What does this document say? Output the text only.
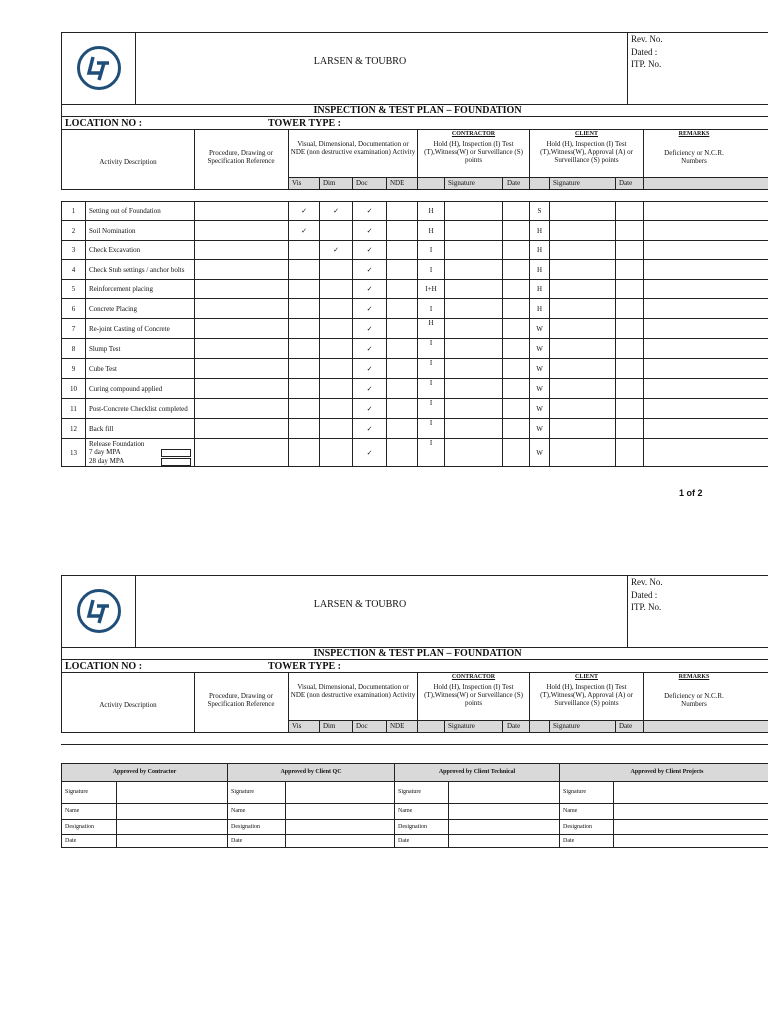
LARSEN & TOUBRO
Rev. No.
Dated :
ITP. No.
INSPECTION & TEST PLAN – FOUNDATION
LOCATION NO :	TOWER TYPE :
Activity Description
Procedure, Drawing or Specification Reference
Visual, Dimensional, Documentation or NDE (non destructive examination) Activity
CONTRACTOR
Hold (H), Inspection (I) Test (T),Witness(W) or Surveillance (S) points
CLIENT
Hold (H), Inspection (I) Test (T),Witness(W), Approval (A) or Surveillance (S) points
REMARKS
Deficiency or N.C.R. Numbers
Vis	Dim	Doc	NDE	Signature	Date	Signature	Date
1	Setting out of Foundation		✓	✓	✓		H			S			
2	Soil Nomination		✓		✓		H			H			
3	Check Excavation			✓	✓		I			H			
4	Check Stub settings / anchor bolts				✓		I			H			
5	Reinforcement placing				✓		I+H			H			
6	Concrete Placing				✓		I			H			
7	Re-joint Casting of Concrete				✓		H			W			
8	Slump Test				✓		I			W			
9	Cube Test				✓		I			W			
10	Curing compound applied				✓		I			W			
11	Post-Concrete Checklist completed				✓		I			W			
12	Back fill				✓		I			W			
13	Release Foundation
7 day MPA
28 day MPA				✓		I			W			
1 of 2
LARSEN & TOUBRO
Rev. No.
Dated :
ITP. No.
INSPECTION & TEST PLAN – FOUNDATION
LOCATION NO :	TOWER TYPE :
Activity Description
Procedure, Drawing or Specification Reference
Visual, Dimensional, Documentation or NDE (non destructive examination) Activity
CONTRACTOR
Hold (H), Inspection (I) Test (T),Witness(W) or Surveillance (S) points
CLIENT
Hold (H), Inspection (I) Test (T),Witness(W), Approval (A) or Surveillance (S) points
REMARKS
Deficiency or N.C.R. Numbers
Vis	Dim	Doc	NDE	Signature	Date	Signature	Date
Approved by Contractor		Approved by Client QC		Approved by Client Technical		Approved by Client Projects	
Signature		Signature		Signature		Signature	
Name		Name		Name		Name	
Designation		Designation		Designation		Designation	
Date		Date		Date		Date	
